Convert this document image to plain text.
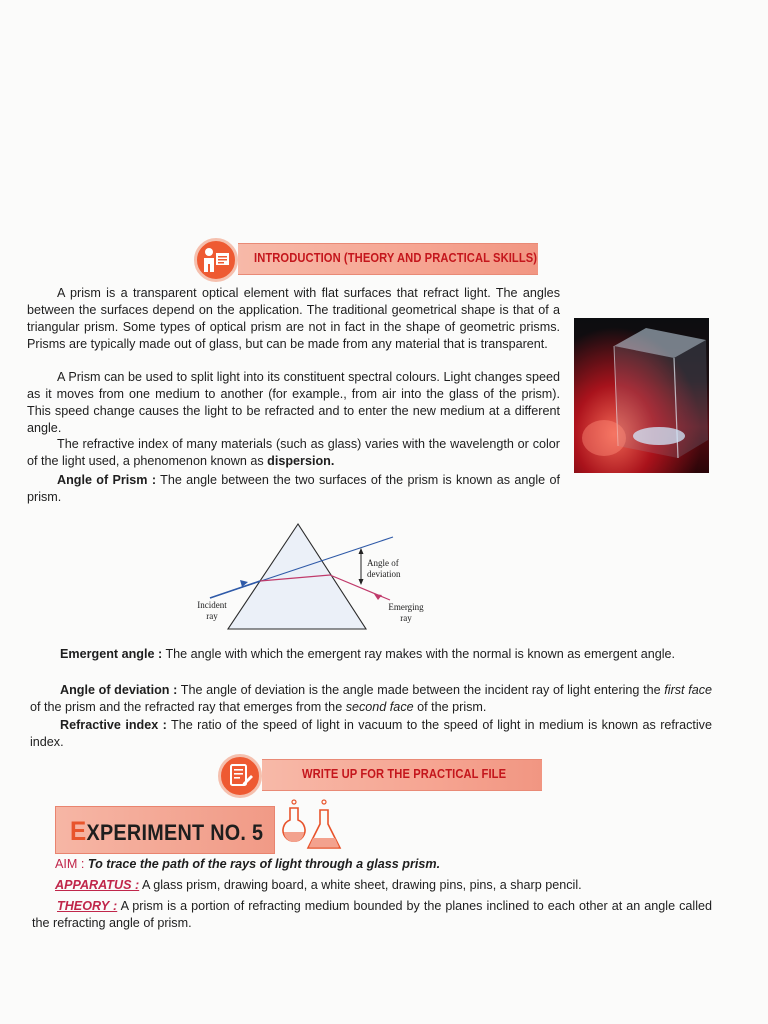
INTRODUCTION (THEORY AND PRACTICAL SKILLS)

A prism is a transparent optical element with flat surfaces that refract light. The angles between the surfaces depend on the application. The traditional geometrical shape is that of a triangular prism. Some types of optical prism are not in fact in the shape of geometric prisms. Prisms are typically made out of glass, but can be made from any material that is transparent.

A Prism can be used to split light into its constituent spectral colours. Light changes speed as it moves from one medium to another (for example., from air into the glass of the prism). This speed change causes the light to be refracted and to enter the new medium at a different angle.

The refractive index of many materials (such as glass) varies with the wavelength or color of the light used, a phenomenon known as dispersion.

Angle of Prism : The angle between the two surfaces of the prism is known as angle of prism.

Angle of
deviation
Incident
ray
Emerging
ray

Emergent angle : The angle with which the emergent ray makes with the normal is known as emergent angle.

Angle of deviation : The angle of deviation is the angle made between the incident ray of light entering the first face of the prism and the refracted ray that emerges from the second face of the prism.

Refractive index : The ratio of the speed of light in vacuum to the speed of light in medium is known as refractive index.

WRITE UP FOR THE PRACTICAL FILE
EXPERIMENT NO. 5
AIM : To trace the path of the rays of light through a glass prism.
APPARATUS : A glass prism, drawing board, a white sheet, drawing pins, pins, a sharp pencil.

THEORY : A prism is a portion of refracting medium bounded by the planes inclined to each other at an angle called the refracting angle of prism.
